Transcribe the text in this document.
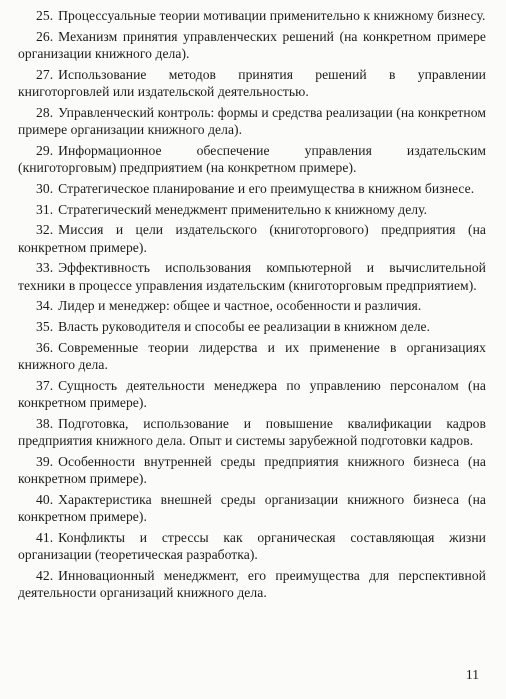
25. Процессуальные теории мотивации применительно к книжному бизнесу.
26. Механизм принятия управленческих решений (на конкретном примере организации книжного дела).
27. Использование методов принятия решений в управлении книготорговлей или издательской деятельностью.
28. Управленческий контроль: формы и средства реализации (на конкретном примере организации книжного дела).
29. Информационное обеспечение управления издательским (книготорговым) предприятием (на конкретном примере).
30. Стратегическое планирование и его преимущества в книжном бизнесе.
31. Стратегический менеджмент применительно к книжному делу.
32. Миссия и цели издательского (книготоргового) предприятия (на конкретном примере).
33. Эффективность использования компьютерной и вычислительной техники в процессе управления издательским (книготорговым предприятием).
34. Лидер и менеджер: общее и частное, особенности и различия.
35. Власть руководителя и способы ее реализации в книжном деле.
36. Современные теории лидерства и их применение в организациях книжного дела.
37. Сущность деятельности менеджера по управлению персоналом (на конкретном примере).
38. Подготовка, использование и повышение квалификации кадров предприятия книжного дела. Опыт и системы зарубежной подготовки кадров.
39. Особенности внутренней среды предприятия книжного бизнеса (на конкретном примере).
40. Характеристика внешней среды организации книжного бизнеса (на конкретном примере).
41. Конфликты и стрессы как органическая составляющая жизни организации (теоретическая разработка).
42. Инновационный менеджмент, его преимущества для перспективной деятельности организаций книжного дела.
11
